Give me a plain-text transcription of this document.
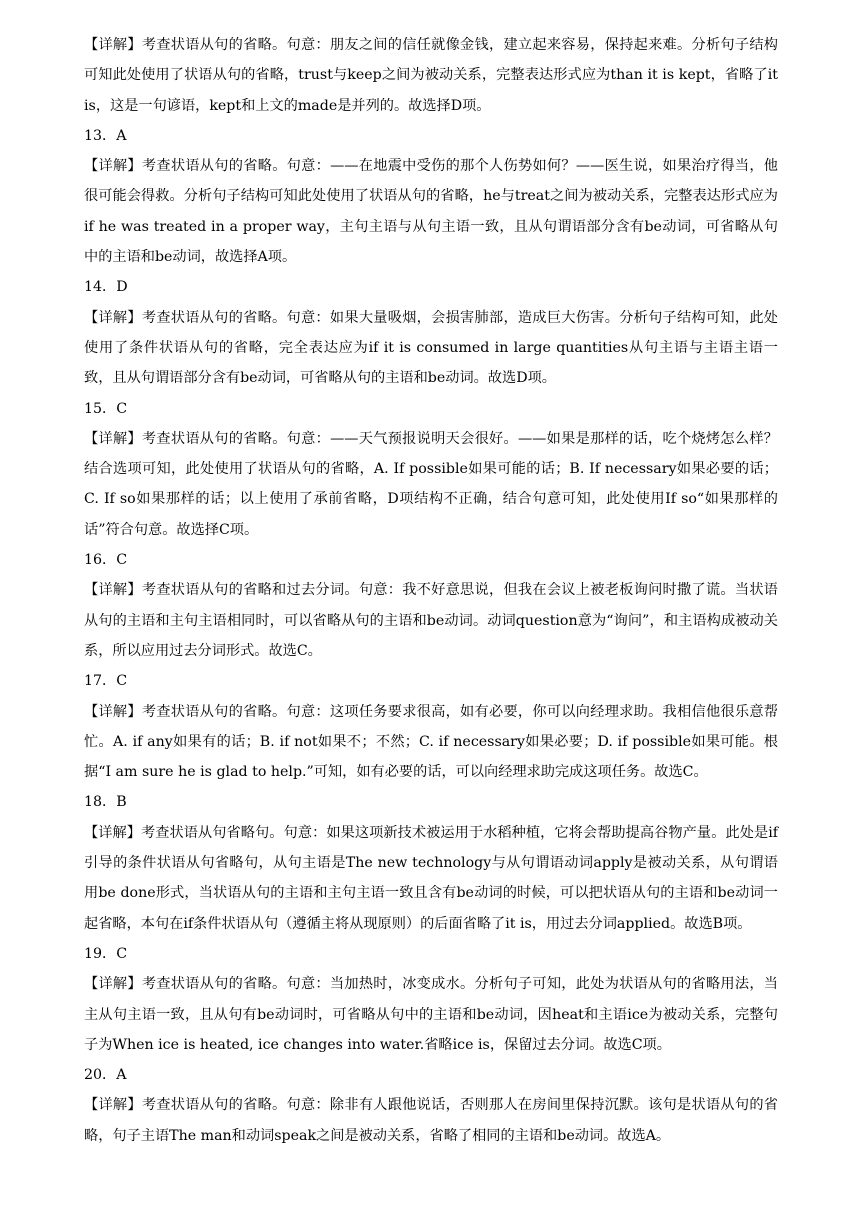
【详解】考查状语从句的省略。句意：朋友之间的信任就像金钱，建立起来容易，保持起来难。分析句子结构可知此处使用了状语从句的省略，trust与keep之间为被动关系，完整表达形式应为than it is kept，省略了it is，这是一句谚语，kept和上文的made是并列的。故选择D项。

13．A

【详解】考查状语从句的省略。句意：——在地震中受伤的那个人伤势如何？——医生说，如果治疗得当，他很可能会得救。分析句子结构可知此处使用了状语从句的省略，he与treat之间为被动关系，完整表达形式应为if he was treated in a proper way，主句主语与从句主语一致，且从句谓语部分含有be动词，可省略从句中的主语和be动词，故选择A项。

14．D

【详解】考查状语从句的省略。句意：如果大量吸烟，会损害肺部，造成巨大伤害。分析句子结构可知，此处使用了条件状语从句的省略，完全表达应为if it is consumed in large quantities从句主语与主语主语一致，且从句谓语部分含有be动词，可省略从句的主语和be动词。故选D项。

15．C

【详解】考查状语从句的省略。句意：——天气预报说明天会很好。——如果是那样的话，吃个烧烤怎么样？结合选项可知，此处使用了状语从句的省略，A. If possible如果可能的话；B. If necessary如果必要的话；C. If so如果那样的话；以上使用了承前省略，D项结构不正确，结合句意可知，此处使用If so“如果那样的话”符合句意。故选择C项。

16．C

【详解】考查状语从句的省略和过去分词。句意：我不好意思说，但我在会议上被老板询问时撒了谎。当状语从句的主语和主句主语相同时，可以省略从句的主语和be动词。动词question意为“询问”，和主语构成被动关系，所以应用过去分词形式。故选C。

17．C

【详解】考查状语从句的省略。句意：这项任务要求很高，如有必要，你可以向经理求助。我相信他很乐意帮忙。A. if any如果有的话；B. if not如果不；不然；C. if necessary如果必要；D. if possible如果可能。根据“I am sure he is glad to help.”可知，如有必要的话，可以向经理求助完成这项任务。故选C。

18．B

【详解】考查状语从句省略句。句意：如果这项新技术被运用于水稻种植，它将会帮助提高谷物产量。此处是if引导的条件状语从句省略句，从句主语是The new technology与从句谓语动词apply是被动关系，从句谓语用be done形式，当状语从句的主语和主句主语一致且含有be动词的时候，可以把状语从句的主语和be动词一起省略，本句在if条件状语从句（遵循主将从现原则）的后面省略了it is，用过去分词applied。故选B项。

19．C

【详解】考查状语从句的省略。句意：当加热时，冰变成水。分析句子可知，此处为状语从句的省略用法，当主从句主语一致，且从句有be动词时，可省略从句中的主语和be动词，因heat和主语ice为被动关系，完整句子为When ice is heated, ice changes into water.省略ice is，保留过去分词。故选C项。

20．A

【详解】考查状语从句的省略。句意：除非有人跟他说话，否则那人在房间里保持沉默。该句是状语从句的省略，句子主语The man和动词speak之间是被动关系，省略了相同的主语和be动词。故选A。
